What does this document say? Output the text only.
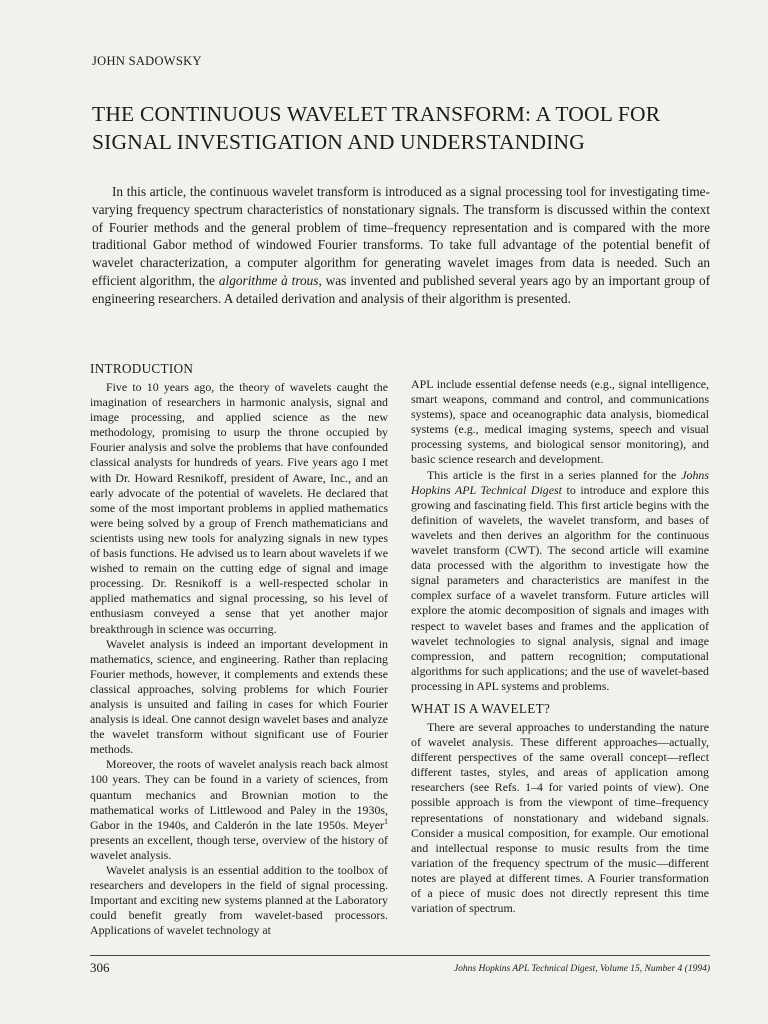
JOHN SADOWSKY
THE CONTINUOUS WAVELET TRANSFORM: A TOOL FOR SIGNAL INVESTIGATION AND UNDERSTANDING

In this article, the continuous wavelet transform is introduced as a signal processing tool for investigating time-varying frequency spectrum characteristics of nonstationary signals. The transform is discussed within the context of Fourier methods and the general problem of time–frequency representation and is compared with the more traditional Gabor method of windowed Fourier transforms. To take full advantage of the potential benefit of wavelet characterization, a computer algorithm for generating wavelet images from data is needed. Such an efficient algorithm, the algorithme à trous, was invented and published several years ago by an important group of engineering researchers. A detailed derivation and analysis of their algorithm is presented.

INTRODUCTION

Five to 10 years ago, the theory of wavelets caught the imagination of researchers in harmonic analysis, signal and image processing, and applied science as the new methodology, promising to usurp the throne occupied by Fourier analysis and solve the problems that have confounded classical analysts for hundreds of years. Five years ago I met with Dr. Howard Resnikoff, president of Aware, Inc., and an early advocate of the potential of wavelets. He declared that some of the most important problems in applied mathematics were being solved by a group of French mathematicians and scientists using new tools for analyzing signals in new types of basis functions. He advised us to learn about wavelets if we wished to remain on the cutting edge of signal and image processing. Dr. Resnikoff is a well-respected scholar in applied mathematics and signal processing, so his level of enthusiasm conveyed a sense that yet another major breakthrough in science was occurring.

Wavelet analysis is indeed an important development in mathematics, science, and engineering. Rather than replacing Fourier methods, however, it complements and extends these classical approaches, solving problems for which Fourier analysis is unsuited and failing in cases for which Fourier analysis is ideal. One cannot design wavelet bases and analyze the wavelet transform without significant use of Fourier methods.

Moreover, the roots of wavelet analysis reach back almost 100 years. They can be found in a variety of sciences, from quantum mechanics and Brownian motion to the mathematical works of Littlewood and Paley in the 1930s, Gabor in the 1940s, and Calderón in the late 1950s. Meyer$^1$ presents an excellent, though terse, overview of the history of wavelet analysis.

Wavelet analysis is an essential addition to the toolbox of researchers and developers in the field of signal processing. Important and exciting new systems planned at the Laboratory could benefit greatly from wavelet-based processors. Applications of wavelet technology at

APL include essential defense needs (e.g., signal intelligence, smart weapons, command and control, and communications systems), space and oceanographic data analysis, biomedical systems (e.g., medical imaging systems, speech and visual processing systems, and biological sensor monitoring), and basic science research and development.

This article is the first in a series planned for the Johns Hopkins APL Technical Digest to introduce and explore this growing and fascinating field. This first article begins with the definition of wavelets, the wavelet transform, and bases of wavelets and then derives an algorithm for the continuous wavelet transform (CWT). The second article will examine data processed with the algorithm to investigate how the signal parameters and characteristics are manifest in the complex surface of a wavelet transform. Future articles will explore the atomic decomposition of signals and images with respect to wavelet bases and frames and the application of wavelet technologies to signal analysis, signal and image compression, and pattern recognition; computational algorithms for such applications; and the use of wavelet-based processing in APL systems and problems.

WHAT IS A WAVELET?

There are several approaches to understanding the nature of wavelet analysis. These different approaches—actually, different perspectives of the same overall concept—reflect different tastes, styles, and areas of application among researchers (see Refs. 1–4 for varied points of view). One possible approach is from the viewpont of time–frequency representations of nonstationary and wideband signals. Consider a musical composition, for example. Our emotional and intellectual response to music results from the time variation of the frequency spectrum of the music—different notes are played at different times. A Fourier transformation of a piece of music does not directly represent this time variation of spectrum.

306	Johns Hopkins APL Technical Digest, Volume 15, Number 4 (1994)
